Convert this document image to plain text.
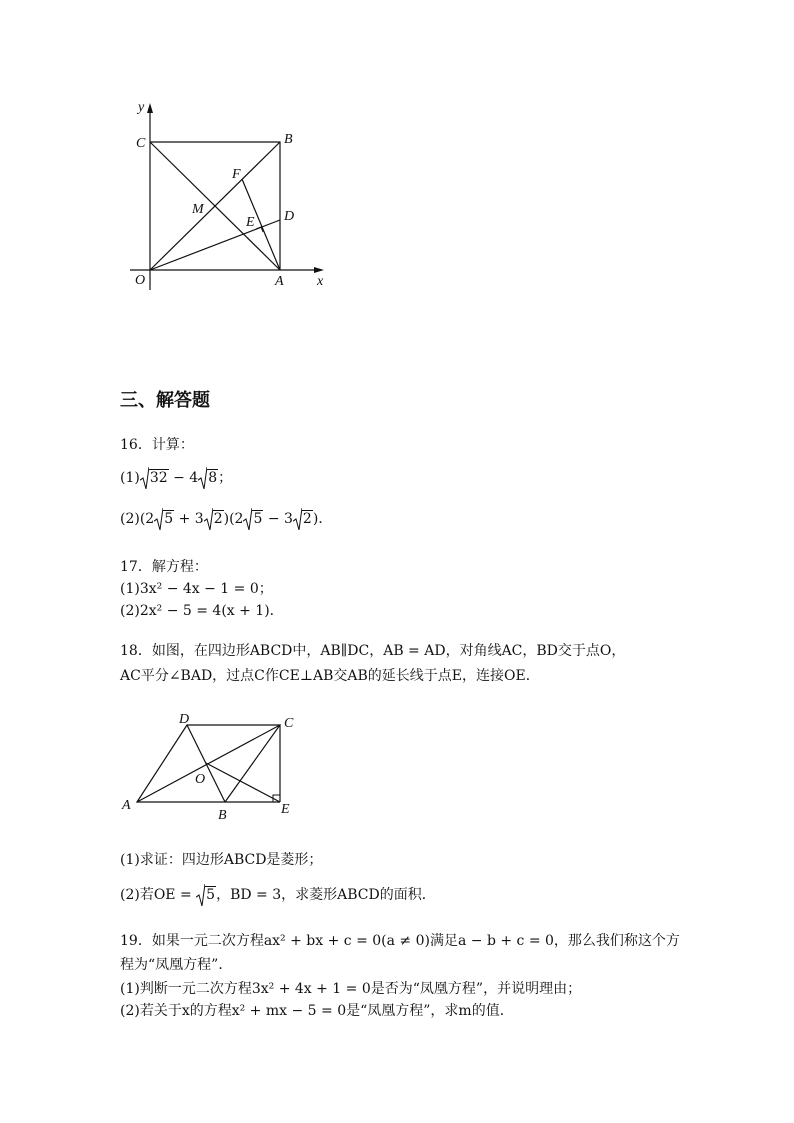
y
x
C	B
F
M
E D
O	A
三、解答题
16．计算：
(1) 32 − 4 8；
(2)(2 5 + 3 2)(2 5 − 3 2)．
17．解方程：
(1)3x² − 4x − 1 = 0；
(2)2x² − 5 = 4(x + 1)．
18．如图，在四边形ABCD中，AB∥DC，AB = AD，对角线AC，BD交于点O，
AC平分∠BAD，过点C作CE⊥AB交AB的延长线于点E，连接OE．
D	C
O
A
B	E
(1)求证：四边形ABCD是菱形；
(2)若OE =
5，BD = 3，求菱形ABCD的面积．
19．如果一元二次方程ax² + bx + c = 0(a ≠ 0)满足a − b + c = 0，那么我们称这个方
程为“凤凰方程”．
(1)判断一元二次方程3x² + 4x + 1 = 0是否为“凤凰方程”，并说明理由；
(2)若关于x的方程x² + mx − 5 = 0是“凤凰方程”，求m的值．
